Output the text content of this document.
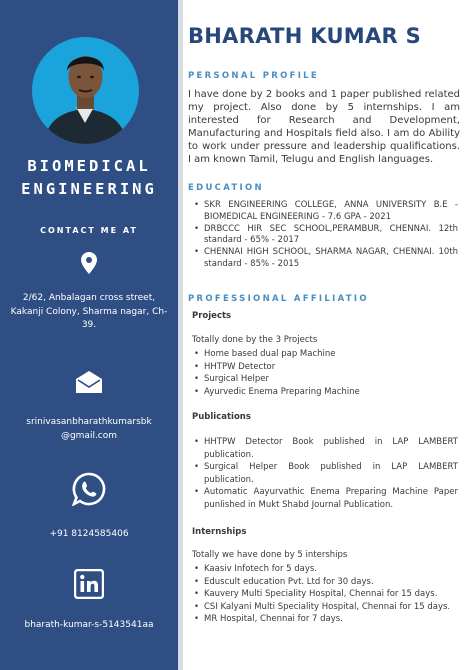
BIOMEDICAL
ENGINEERING
CONTACT ME AT
2/62, Anbalagan cross street, Kakanji Colony, Sharma nagar, Ch-39.
srinivasanbharathkumarsbk
@gmail.com
+91 8124585406
bharath-kumar-s-5143541aa
BHARATH KUMAR S
PERSONAL PROFILE
I have done by 2 books and 1 paper published related my project. Also done by 5 internships. I am interested for Research and Development, Manufacturing and Hospitals field also. I am do Ability to work under pressure and leadership qualifications. I am known Tamil, Telugu and English languages.
EDUCATION
• SKR ENGINEERING COLLEGE, ANNA UNIVERSITY B.E - BIOMEDICAL ENGINEERING - 7.6 GPA - 2021
• DRBCCC HIR SEC SCHOOL,PERAMBUR, CHENNAI. 12th standard - 65% - 2017
• CHENNAI HIGH SCHOOL, SHARMA NAGAR, CHENNAI. 10th standard - 85% - 2015
PROFESSIONAL AFFILIATIO
Projects
Totally done by the 3 Projects
• Home based dual pap Machine
• HHTPW Detector
• Surgical Helper
• Ayurvedic Enema Preparing Machine
Publications
• HHTPW Detector Book published in LAP LAMBERT publication.
• Surgical Helper Book published in LAP LAMBERT publication.
• Automatic Aayurvathic Enema Preparing Machine Paper punlished in Mukt Shabd Journal Publication.
Internships
Totally we have done by 5 interships
• Kaasiv Infotech for 5 days.
• Eduscult education Pvt. Ltd for 30 days.
• Kauvery Multi Speciality Hospital, Chennai for 15 days.
• CSI Kalyani Multi Speciality Hospital, Chennai for 15 days.
• MR Hospital, Chennai for 7 days.
